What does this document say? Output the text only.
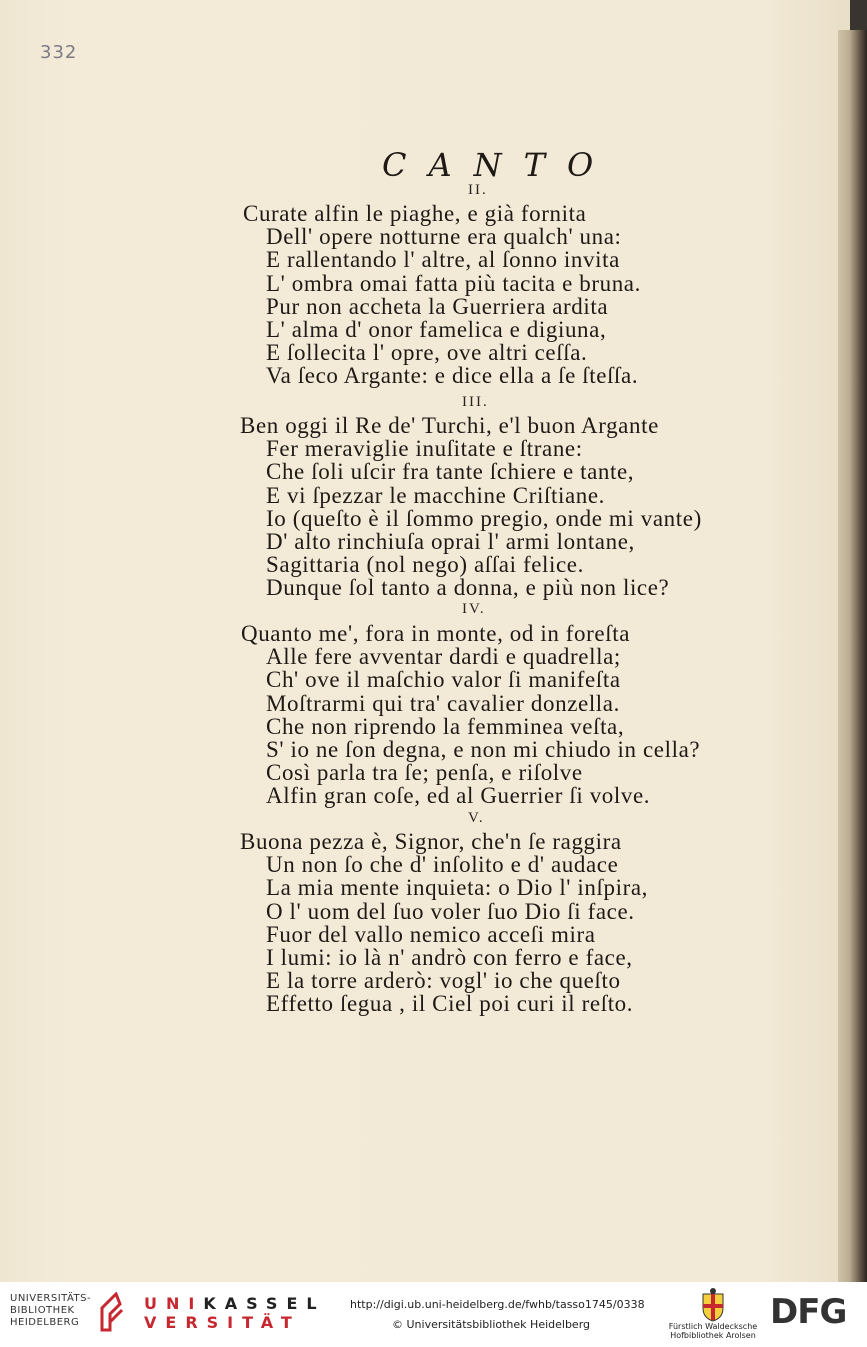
332
CANTO
II.
Curate alfin le piaghe, e già fornita
Dell' opere notturne era qualch' una:
E rallentando l' altre, al ſonno invita
L' ombra omai fatta più tacita e bruna.
Pur non accheta la Guerriera ardita
L' alma d' onor famelica e digiuna,
E ſollecita l' opre, ove altri ceſſa.
Va ſeco Argante: e dice ella a ſe ſteſſa.
III.
Ben oggi il Re de' Turchi, e'l buon Argante
Fer meraviglie inuſitate e ſtrane:
Che ſoli uſcir fra tante ſchiere e tante,
E vi ſpezzar le macchine Criſtiane.
Io (queſto è il ſommo pregio, onde mi vante)
D' alto rinchiuſa oprai l' armi lontane,
Sagittaria (nol nego) aſſai felice.
Dunque ſol tanto a donna, e più non lice?
IV.
Quanto me', fora in monte, od in foreſta
Alle fere avventar dardi e quadrella;
Ch' ove il maſchio valor ſi manifeſta
Moſtrarmi qui tra' cavalier donzella.
Che non riprendo la femminea veſta,
S' io ne ſon degna, e non mi chiudo in cella?
Così parla tra ſe; penſa, e riſolve
Alfin gran coſe, ed al Guerrier ſi volve.
V.
Buona pezza è, Signor, che'n ſe raggira
Un non ſo che d' inſolito e d' audace
La mia mente inquieta: o Dio l' inſpira,
O l' uom del ſuo voler ſuo Dio ſi face.
Fuor del vallo nemico acceſi mira
I lumi: io là n' andrò con ferro e face,
E la torre arderò: vogl' io che queſto
Effetto ſegua , il Ciel poi curi il reſto.
UNIVERSITÄTS-
BIBLIOTHEK
HEIDELBERG
UNIKASSEL
VERSITÄT
http://digi.ub.uni-heidelberg.de/fwhb/tasso1745/0338
© Universitätsbibliothek Heidelberg	Fürstlich Waldecksche
Hofbibliothek Arolsen
DFG
